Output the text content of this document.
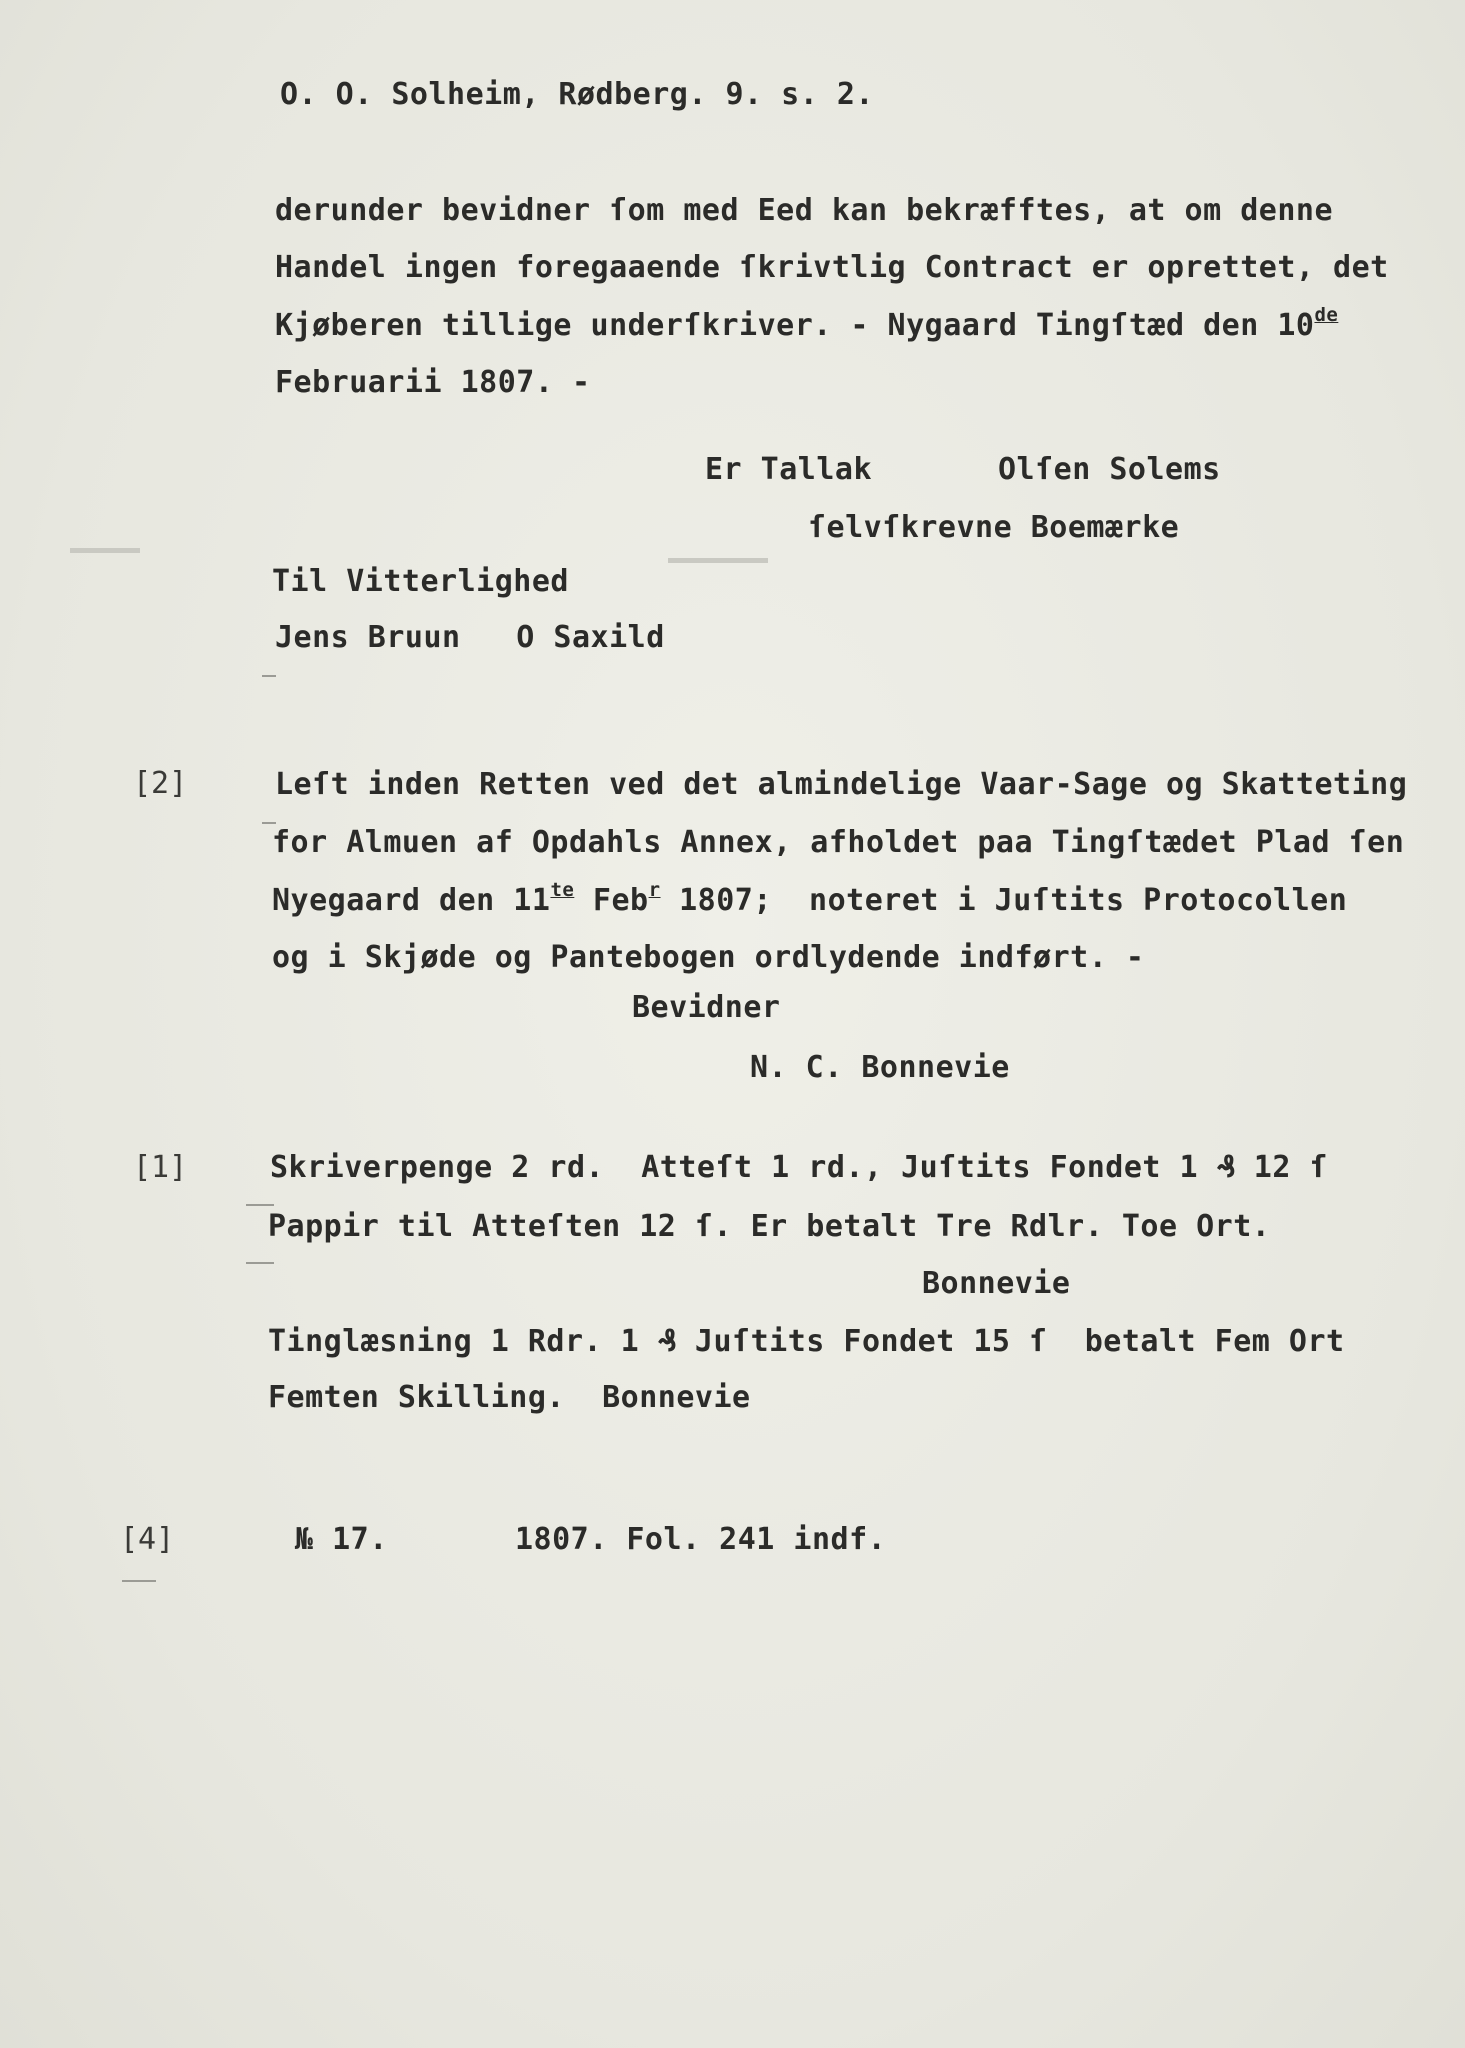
O. O. Solheim, Rødberg. 9. s. 2.
derunder bevidner ſom med Eed kan bekræfftes, at om denne
Handel ingen foregaaende ſkrivtlig Contract er oprettet, det
Kjøberen tillige underſkriver. - Nygaard Tingſtæd den 10de
Februarii 1807. -
Er Tallak	Olſen Solems
ſelvſkrevne Boemærke
Til Vitterlighed
Jens Bruun   O Saxild
[2]	Leſt inden Retten ved det almindelige Vaar-Sage og Skatteting
for Almuen af Opdahls Annex, afholdet paa Tingſtædet Plad ſen
Nyegaard den $11^{te}$ Feb$^r$ 1807;  noteret i Juſtits Protocollen
og i Skjøde og Pantebogen ordlydende indført. -
Bevidner
N. C. Bonnevie
[1]	Skriverpenge 2 rd.  Atteſt 1 rd., Juſtits Fondet 1 ₰ 12 ſ
Pappir til Atteſten 12 ſ. Er betalt Tre Rdlr. Toe Ort.
Bonnevie
Tinglæsning 1 Rdr. 1 ₰ Juſtits Fondet 15 ſ  betalt Fem Ort
Femten Skilling.  Bonnevie
[4]	№ 17.	1807. Fol. 241 indf.
